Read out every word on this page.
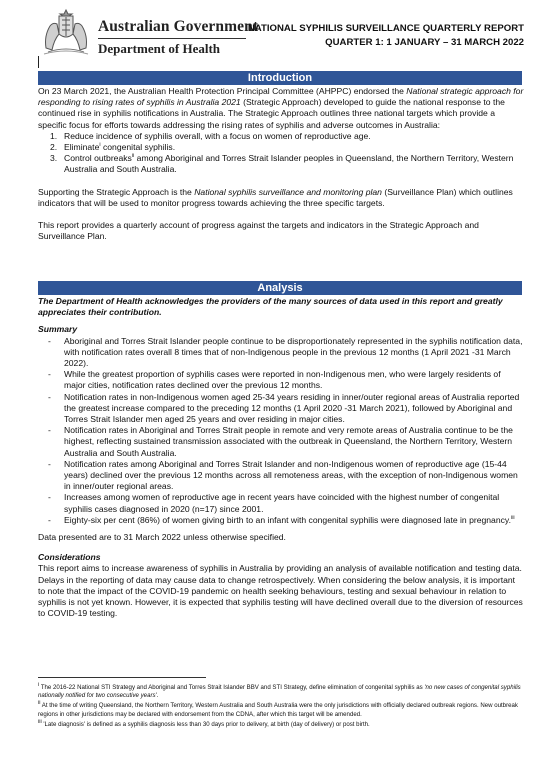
Australian Government
Department of Health
NATIONAL SYPHILIS SURVEILLANCE QUARTERLY REPORT
QUARTER 1: 1 JANUARY – 31 MARCH 2022
Introduction

On 23 March 2021, the Australian Health Protection Principal Committee (AHPPC) endorsed the National strategic approach for responding to rising rates of syphilis in Australia 2021 (Strategic Approach) developed to guide the national response to the continued rise in syphilis notifications in Australia. The Strategic Approach outlines three national targets which provide a specific focus for efforts towards addressing the rising rates of syphilis and adverse outcomes in Australia:

1. Reduce incidence of syphilis overall, with a focus on women of reproductive age.
2. Eliminate$^i$ congenital syphilis.
3. Control outbreaks$^{ii}$ among Aboriginal and Torres Strait Islander peoples in Queensland, the Northern Territory, Western Australia and South Australia.

Supporting the Strategic Approach is the National syphilis surveillance and monitoring plan (Surveillance Plan) which outlines indicators that will be used to monitor progress towards achieving the three specific targets.

This report provides a quarterly account of progress against the targets and indicators in the Strategic Approach and Surveillance Plan.

Analysis

The Department of Health acknowledges the providers of the many sources of data used in this report and greatly appreciates their contribution.

Summary

- Aboriginal and Torres Strait Islander people continue to be disproportionately represented in the syphilis notification data, with notification rates overall 8 times that of non-Indigenous people in the previous 12 months (1 April 2021 -31 March 2022).
- While the greatest proportion of syphilis cases were reported in non-Indigenous men, who were largely residents of major cities, notification rates declined over the previous 12 months.
- Notification rates in non-Indigenous women aged 25-34 years residing in inner/outer regional areas of Australia reported the greatest increase compared to the preceding 12 months (1 April 2020 -31 March 2021), followed by Aboriginal and Torres Strait Islander men aged 25 years and over residing in major cities.
- Notification rates in Aboriginal and Torres Strait people in remote and very remote areas of Australia continue to be the highest, reflecting sustained transmission associated with the outbreak in Queensland, the Northern Territory, Western Australia and South Australia.
- Notification rates among Aboriginal and Torres Strait Islander and non-Indigenous women of reproductive age (15-44 years) declined over the previous 12 months across all remoteness areas, with the exception of non-Indigenous women in inner/outer regional areas.
- Increases among women of reproductive age in recent years have coincided with the highest number of congenital syphilis cases diagnosed in 2020 (n=17) since 2001.
- Eighty-six per cent (86%) of women giving birth to an infant with congenital syphilis were diagnosed late in pregnancy.$^{iii}$

Data presented are to 31 March 2022 unless otherwise specified.

Considerations

This report aims to increase awareness of syphilis in Australia by providing an analysis of available notification and testing data. Delays in the reporting of data may cause data to change retrospectively. When considering the below analysis, it is important to note that the impact of the COVID-19 pandemic on health seeking behaviours, testing and sexual behaviour in relation to syphilis is not yet known. However, it is expected that syphilis testing will have declined overall due to the diversion of resources to COVID-19 testing.

$^i$ The 2016-22 National STI Strategy and Aboriginal and Torres Strait Islander BBV and STI Strategy, define elimination of congenital syphilis as 'no new cases of congenital syphilis nationally notified for two consecutive years'.

$^{ii}$ At the time of writing Queensland, the Northern Territory, Western Australia and South Australia were the only jurisdictions with officially declared outbreak regions. New outbreak regions in other jurisdictions may be declared with endorsement from the CDNA, after which this target will be amended.

$^{iii}$ 'Late diagnosis' is defined as a syphilis diagnosis less than 30 days prior to delivery, at birth (day of delivery) or post birth.
